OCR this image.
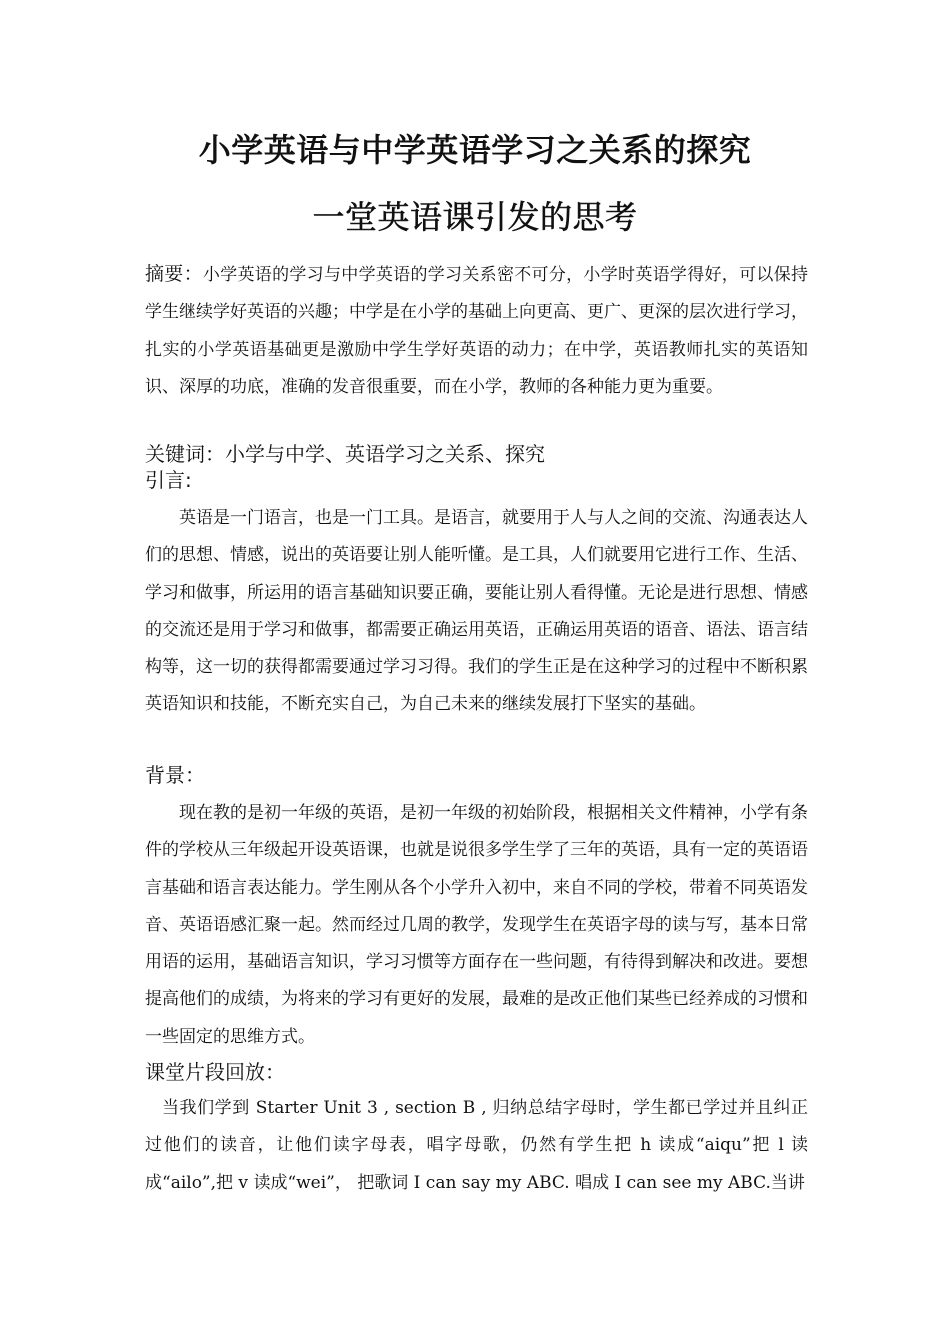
小学英语与中学英语学习之关系的探究
一堂英语课引发的思考

摘要：小学英语的学习与中学英语的学习关系密不可分，小学时英语学得好，可以保持学生继续学好英语的兴趣；中学是在小学的基础上向更高、更广、更深的层次进行学习，扎实的小学英语基础更是激励中学生学好英语的动力；在中学，英语教师扎实的英语知识、深厚的功底，准确的发音很重要，而在小学，教师的各种能力更为重要。

关键词：小学与中学、英语学习之关系、探究

引言:

英语是一门语言，也是一门工具。是语言，就要用于人与人之间的交流、沟通表达人们的思想、情感，说出的英语要让别人能听懂。是工具，人们就要用它进行工作、生活、学习和做事，所运用的语言基础知识要正确，要能让别人看得懂。无论是进行思想、情感的交流还是用于学习和做事，都需要正确运用英语，正确运用英语的语音、语法、语言结构等，这一切的获得都需要通过学习习得。我们的学生正是在这种学习的过程中不断积累英语知识和技能，不断充实自己，为自己未来的继续发展打下坚实的基础。

背景：

现在教的是初一年级的英语，是初一年级的初始阶段，根据相关文件精神，小学有条件的学校从三年级起开设英语课，也就是说很多学生学了三年的英语，具有一定的英语语言基础和语言表达能力。学生刚从各个小学升入初中，来自不同的学校，带着不同英语发音、英语语感汇聚一起。然而经过几周的教学，发现学生在英语字母的读与写，基本日常用语的运用，基础语言知识，学习习惯等方面存在一些问题，有待得到解决和改进。要想提高他们的成绩，为将来的学习有更好的发展，最难的是改正他们某些已经养成的习惯和一些固定的思维方式。

课堂片段回放：

当我们学到 Starter Unit 3 , section B , 归纳总结字母时，学生都已学过并且纠正过他们的读音，让他们读字母表，唱字母歌，仍然有学生把 h 读成“aiqu”把 l 读成“ailo”,把 v 读成“wei”， 把歌词 I can say my ABC. 唱成 I can see my ABC.当讲
